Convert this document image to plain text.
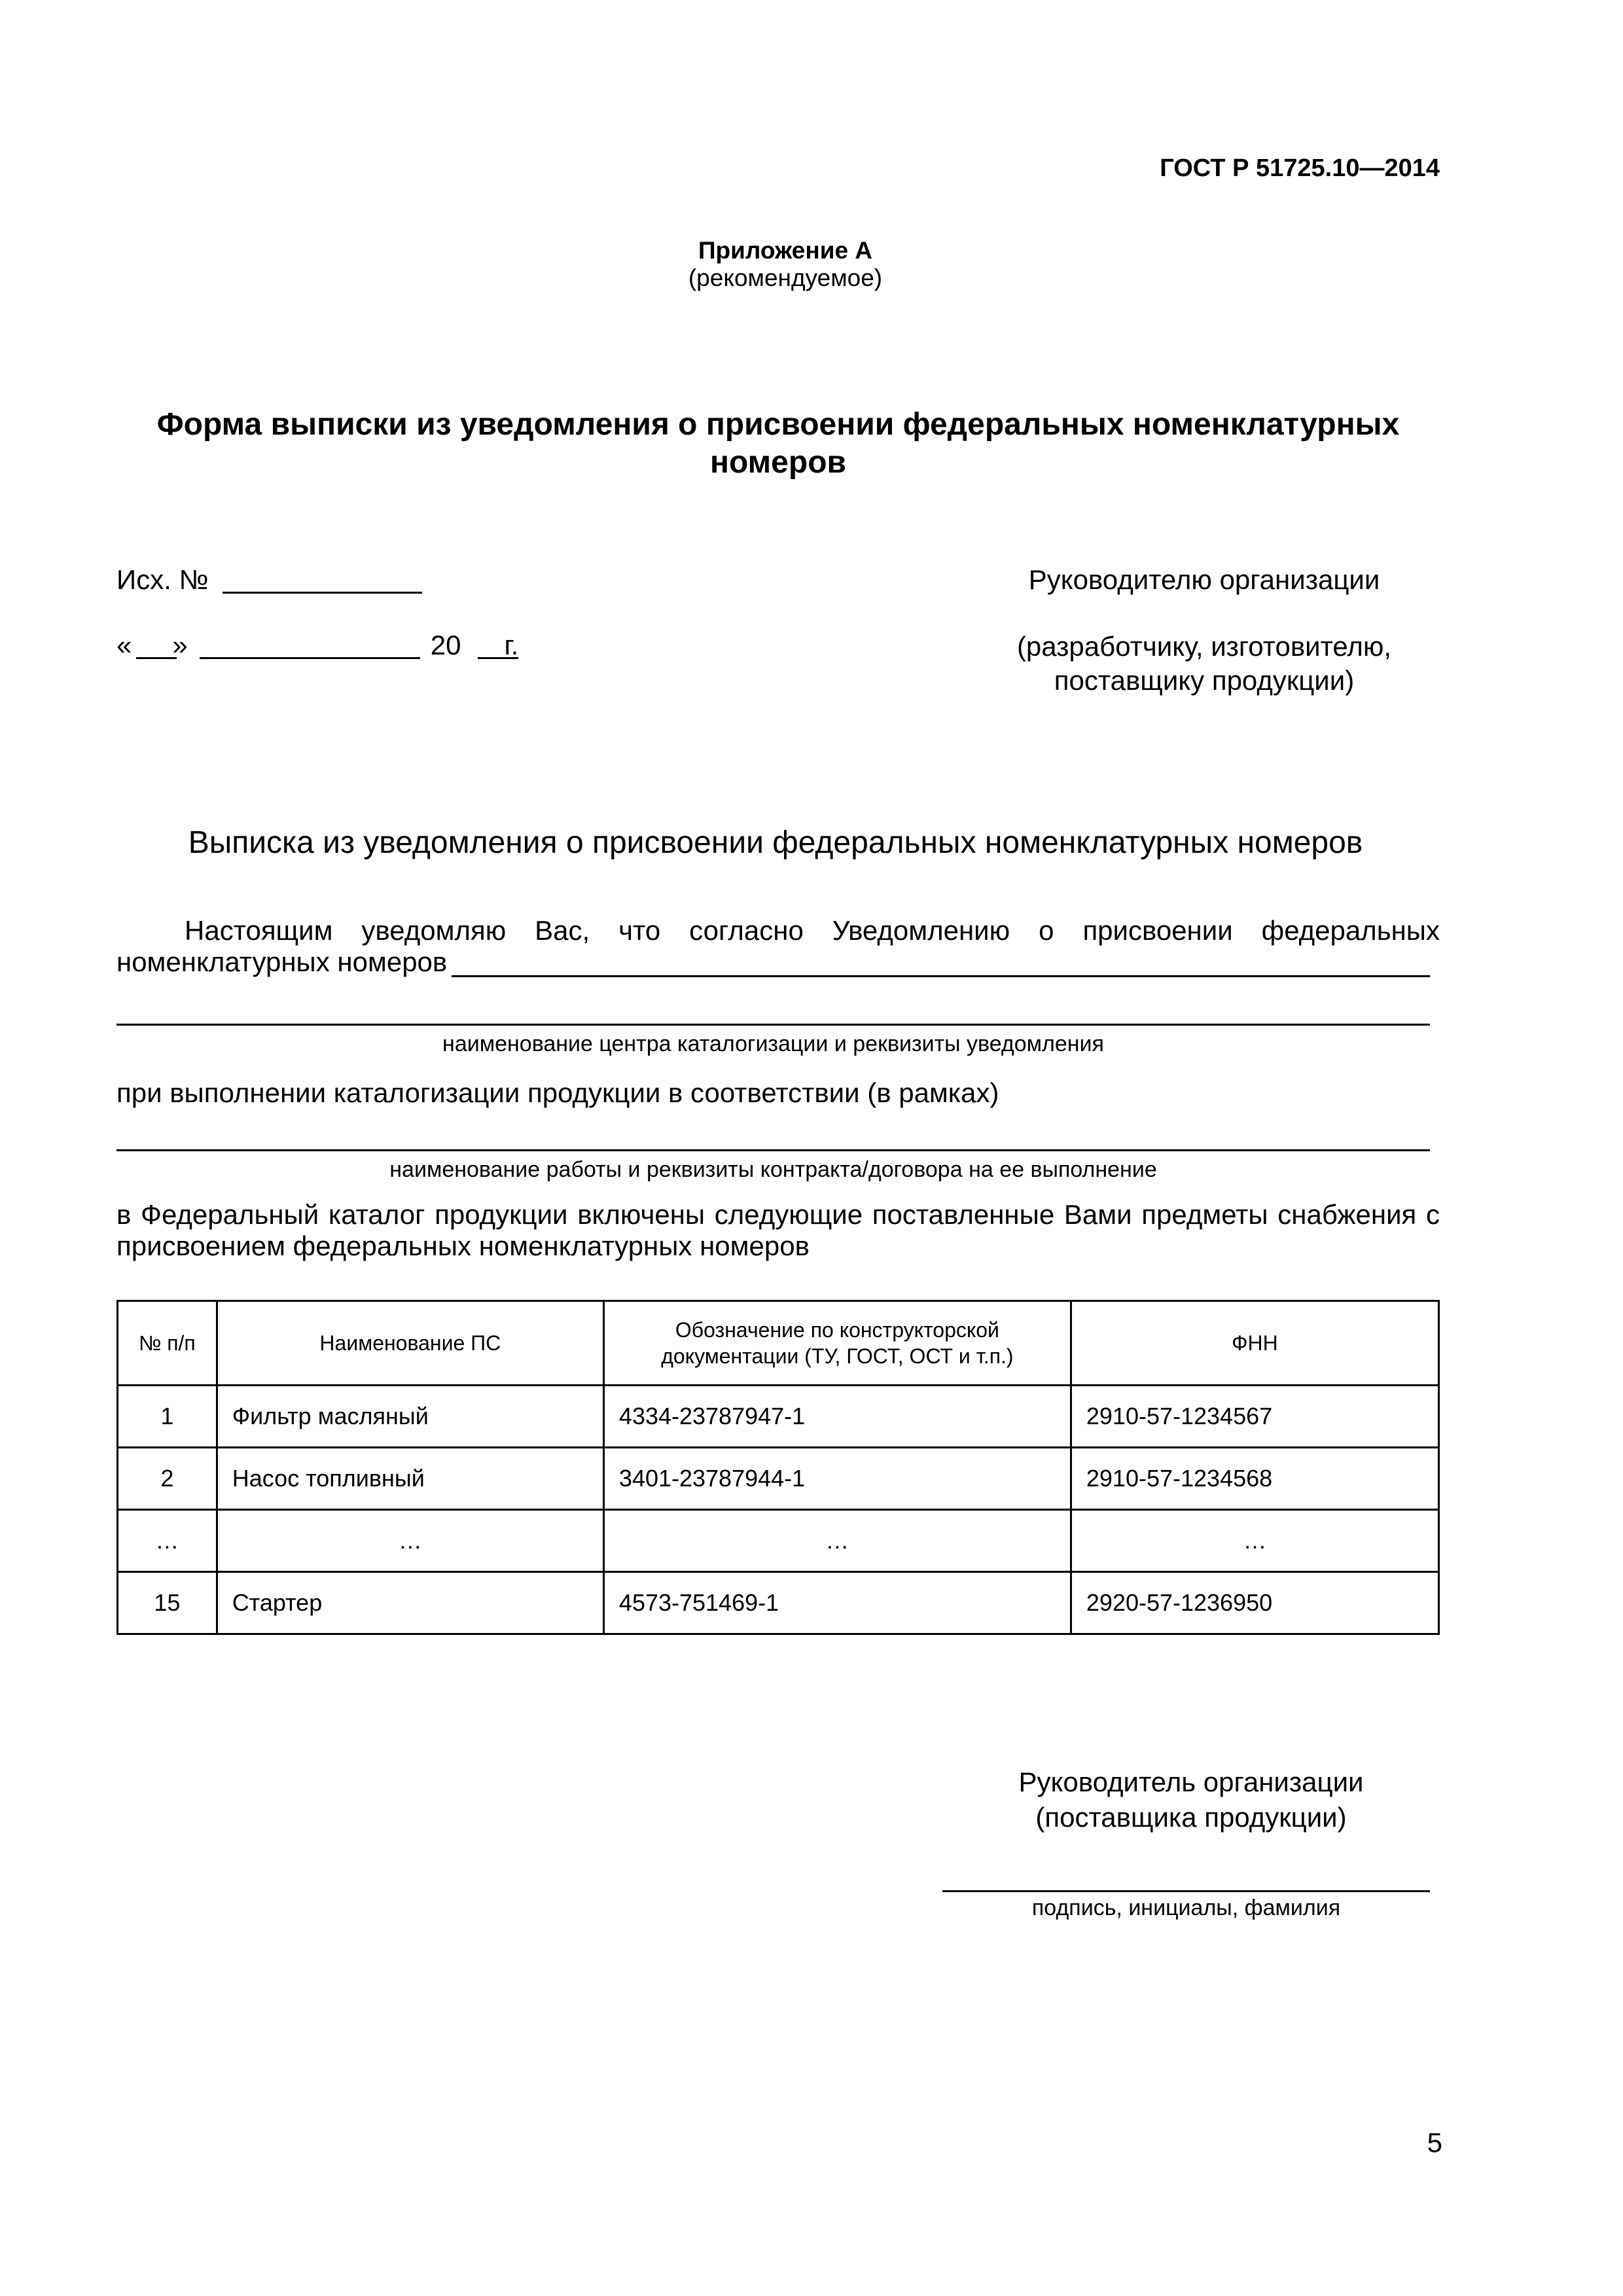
ГОСТ Р 51725.10—2014
Приложение А
(рекомендуемое)
Форма выписки из уведомления о присвоении федеральных номенклатурных
номеров
Исх. №
« »	20 г.
Руководителю организации
(разработчику, изготовителю,
поставщику продукции)
Выписка из уведомления о присвоении федеральных номенклатурных номеров
Настоящим уведомляю Вас, что согласно Уведомлению о присвоении федеральных
номенклатурных номеров
наименование центра каталогизации и реквизиты уведомления
при выполнении каталогизации продукции в соответствии (в рамках)
наименование работы и реквизиты контракта/договора на ее выполнение
в Федеральный каталог продукции включены следующие поставленные Вами предметы снабжения с
присвоением федеральных номенклатурных номеров
№ п/п	Наименование ПС	Обозначение по конструкторской
документации (ТУ, ГОСТ, ОСТ и т.п.)	ФНН
1	Фильтр масляный	4334-23787947-1	2910-57-1234567
2	Насос топливный	3401-23787944-1	2910-57-1234568
…	…	…	…
15	Стартер	4573-751469-1	2920-57-1236950
Руководитель организации
(поставщика продукции)
подпись, инициалы, фамилия
5
